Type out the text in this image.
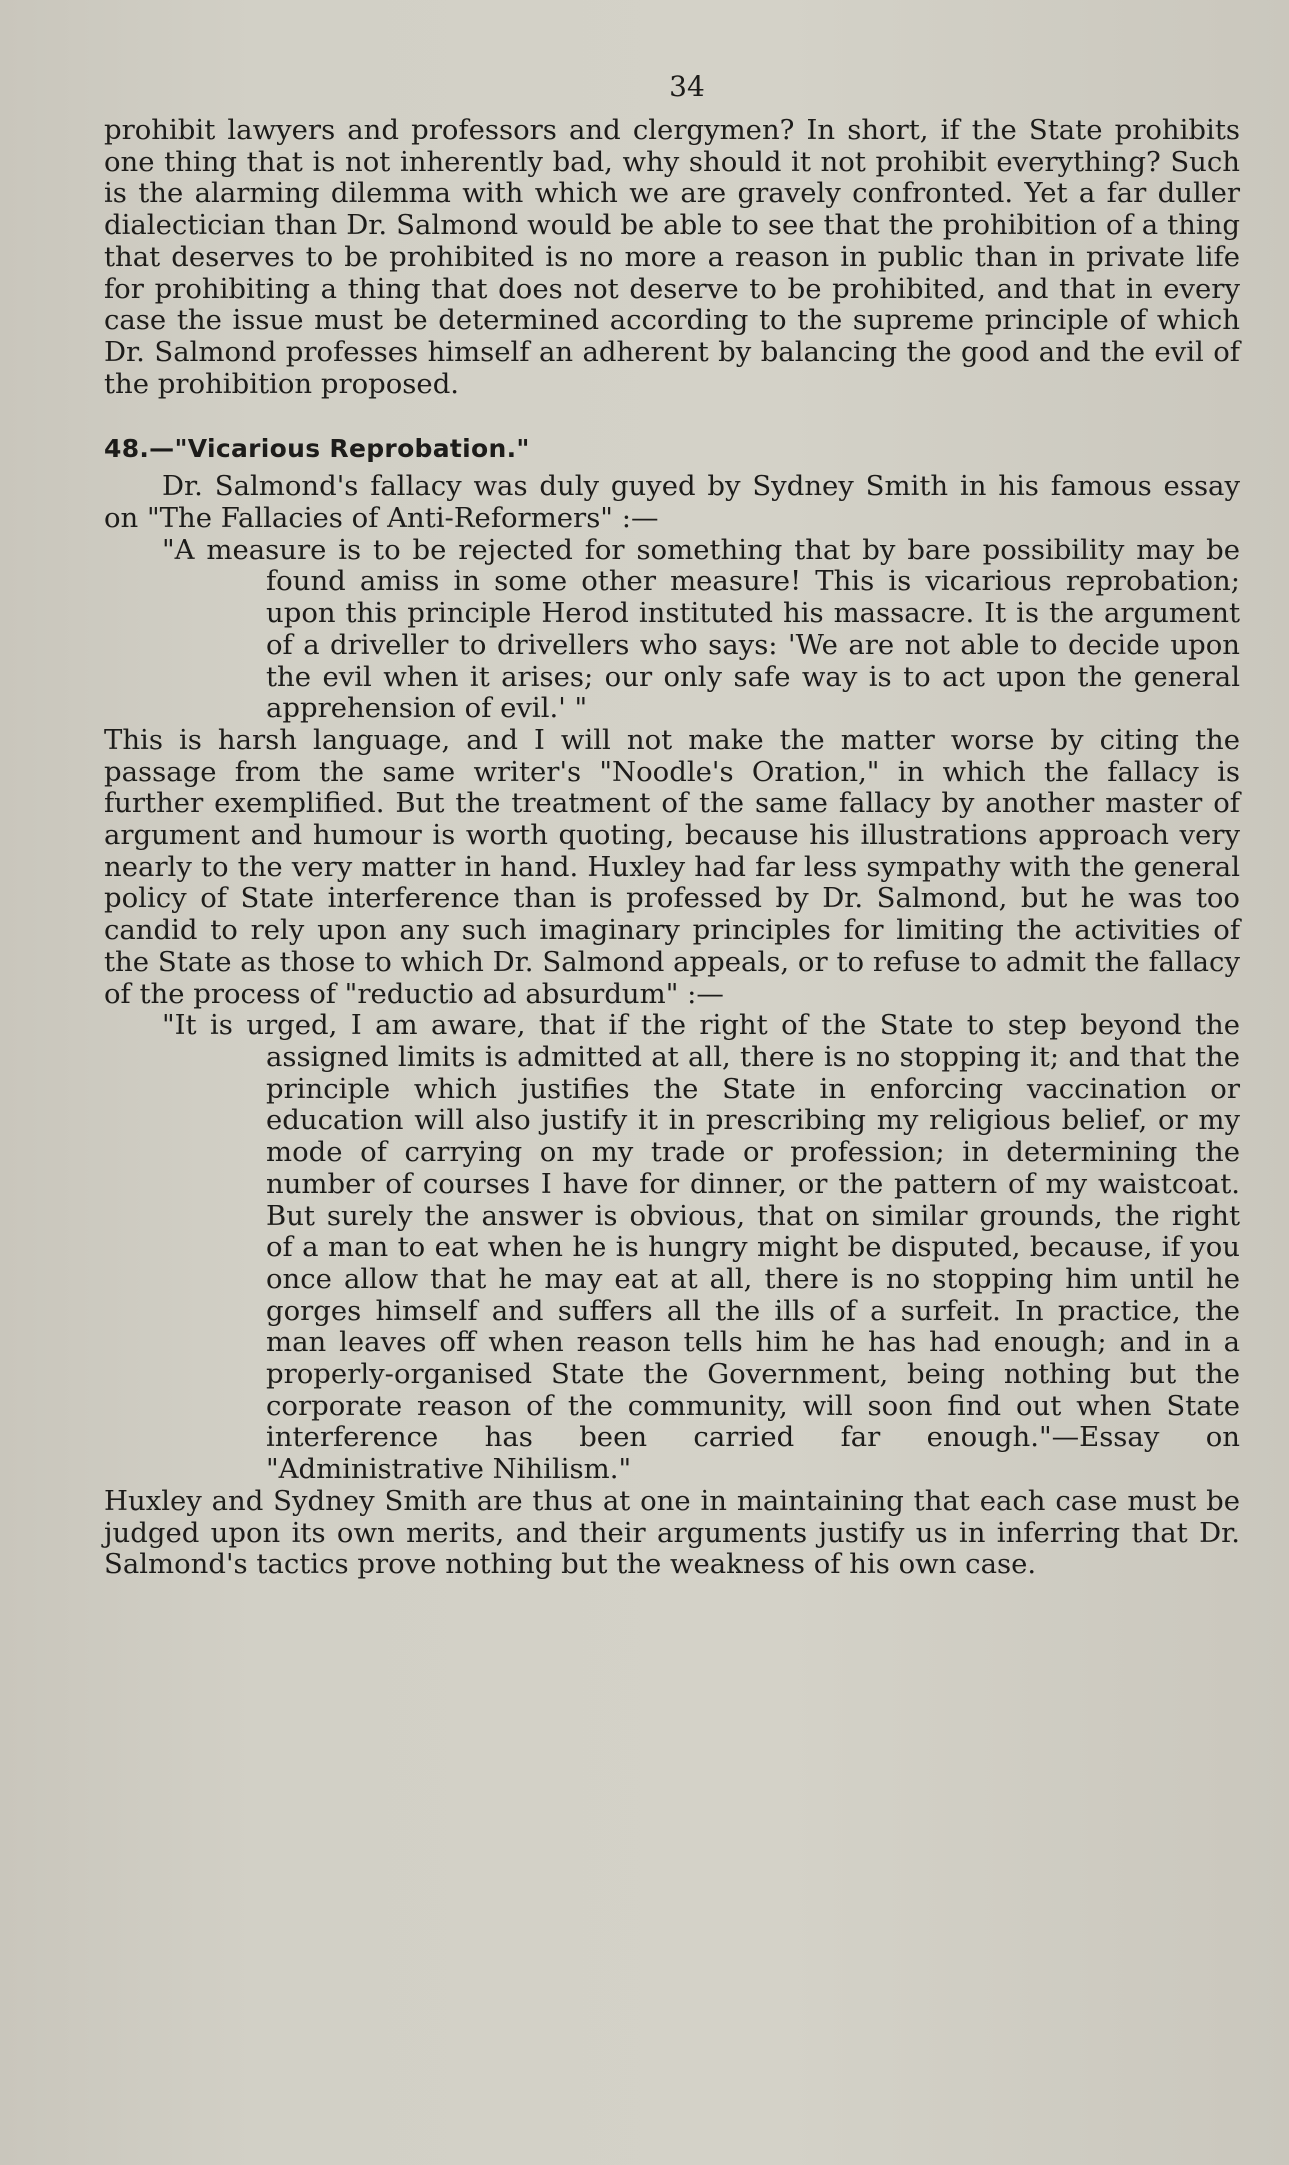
34

prohibit lawyers and professors and clergymen? In short, if the State prohibits one thing that is not inherently bad, why should it not prohibit everything? Such is the alarming dilemma with which we are gravely confronted. Yet a far duller dialectician than Dr. Salmond would be able to see that the prohibition of a thing that deserves to be prohibited is no more a reason in public than in private life for prohibiting a thing that does not deserve to be prohibited, and that in every case the issue must be determined according to the supreme principle of which Dr. Salmond professes himself an adherent by balancing the good and the evil of the prohibition proposed.

48.—"Vicarious Reprobation."

Dr. Salmond's fallacy was duly guyed by Sydney Smith in his famous essay on "The Fallacies of Anti-Reformers" :—

"A measure is to be rejected for something that by bare possibility may be found amiss in some other measure! This is vicarious reprobation; upon this principle Herod instituted his massacre. It is the argument of a driveller to drivellers who says: 'We are not able to decide upon the evil when it arises; our only safe way is to act upon the general apprehension of evil.' "

This is harsh language, and I will not make the matter worse by citing the passage from the same writer's "Noodle's Oration," in which the fallacy is further exemplified. But the treatment of the same fallacy by another master of argument and humour is worth quoting, because his illustrations approach very nearly to the very matter in hand. Huxley had far less sympathy with the general policy of State interference than is professed by Dr. Salmond, but he was too candid to rely upon any such imaginary principles for limiting the activities of the State as those to which Dr. Salmond appeals, or to refuse to admit the fallacy of the process of "reductio ad absurdum" :—

"It is urged, I am aware, that if the right of the State to step beyond the assigned limits is admitted at all, there is no stopping it; and that the principle which justifies the State in enforcing vaccination or education will also justify it in prescribing my religious belief, or my mode of carrying on my trade or profession; in determining the number of courses I have for dinner, or the pattern of my waistcoat. But surely the answer is obvious, that on similar grounds, the right of a man to eat when he is hungry might be disputed, because, if you once allow that he may eat at all, there is no stopping him until he gorges himself and suffers all the ills of a surfeit. In practice, the man leaves off when reason tells him he has had enough; and in a properly-organised State the Government, being nothing but the corporate reason of the community, will soon find out when State interference has been carried far enough."—Essay on "Administrative Nihilism."

Huxley and Sydney Smith are thus at one in maintaining that each case must be judged upon its own merits, and their arguments justify us in inferring that Dr. Salmond's tactics prove nothing but the weakness of his own case.
